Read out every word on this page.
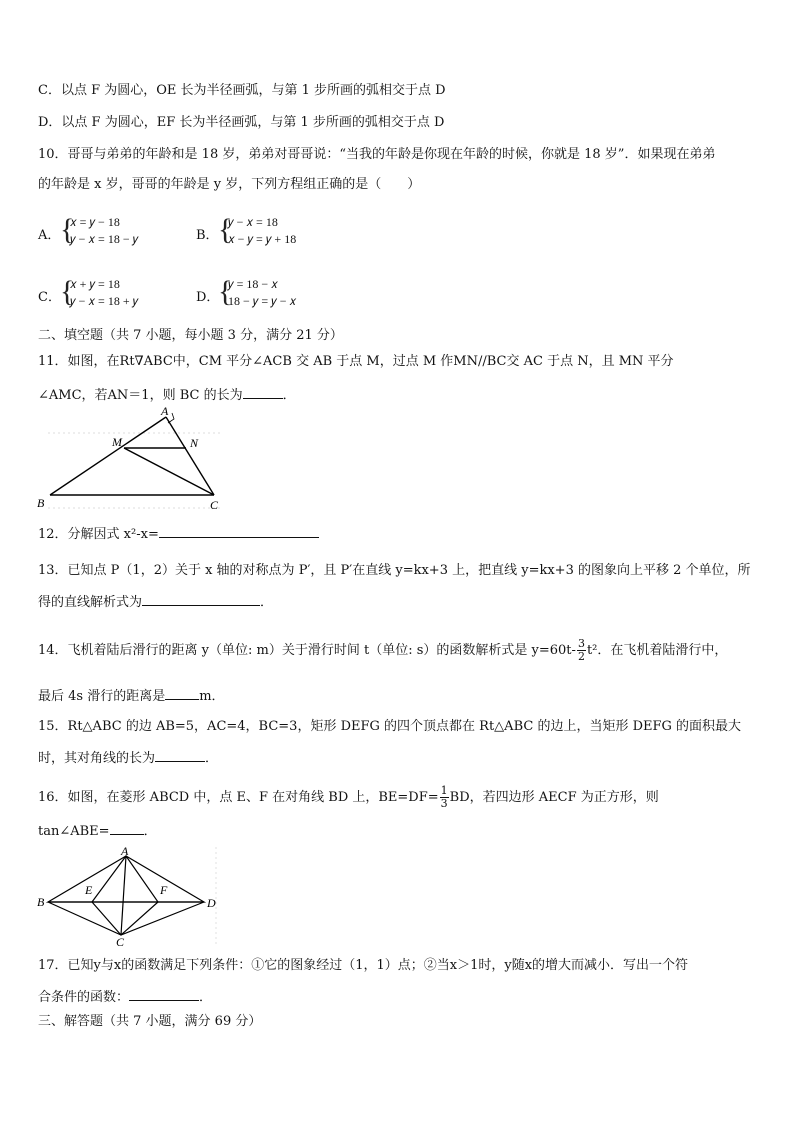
C．以点 F 为圆心，OE 长为半径画弧，与第 1 步所画的弧相交于点 D
D．以点 F 为圆心，EF 长为半径画弧，与第 1 步所画的弧相交于点 D
10．哥哥与弟弟的年龄和是 18 岁，弟弟对哥哥说：“当我的年龄是你现在年龄的时候，你就是 18 岁”．如果现在弟弟
的年龄是 x 岁，哥哥的年龄是 y 岁，下列方程组正确的是（　　）
A． {
𝑥 = 𝑦 − 18
𝑦 − 𝑥 = 18 − 𝑦	B． {
𝑦 − 𝑥 = 18
𝑥 − 𝑦 = 𝑦 + 18
C． {
𝑥 + 𝑦 = 18
𝑦 − 𝑥 = 18 + 𝑦	D．
{
𝑦 = 18 − 𝑥
18 − 𝑦 = 𝑦 − 𝑥
二、填空题（共 7 小题，每小题 3 分，满分 21 分）
11．如图，在Rt∇ABC中，CM 平分∠ACB 交 AB 于点 M，过点 M 作MN//BC交 AC 于点 N，且 MN 平分
∠AMC，若AN＝1，则 BC 的长为	．
A
M	N
B	C
12．分解因式 x²-x=
13．已知点 P（1，2）关于 x 轴的对称点为 P′，且 P′在直线 y=kx+3 上，把直线 y=kx+3 的图象向上平移 2 个单位，所
得的直线解析式为	．
14．飞机着陆后滑行的距离 y（单位: m）关于滑行时间 t（单位: s）的函数解析式是 $y=60t- \frac{3}{2} t^2$．在飞机着陆滑行中，
最后 4s 滑行的距离是	m．
15．Rt△ABC 的边 AB=5，AC=4，BC=3，矩形 DEFG 的四个顶点都在 Rt△ABC 的边上，当矩形 DEFG 的面积最大
时，其对角线的长为	．
16．如图，在菱形 ABCD 中，点 E、F 在对角线 BD 上，$BE=DF= \frac{1}{3}$ BD，若四边形 AECF 为正方形，则
tan∠ABE=	．
A
B
C
D
E	F
17．已知y与x的函数满足下列条件：①它的图象经过（1，1）点；②当x＞1时，y随x的增大而减小．写出一个符
合条件的函数：	．
三、解答题（共 7 小题，满分 69 分）
